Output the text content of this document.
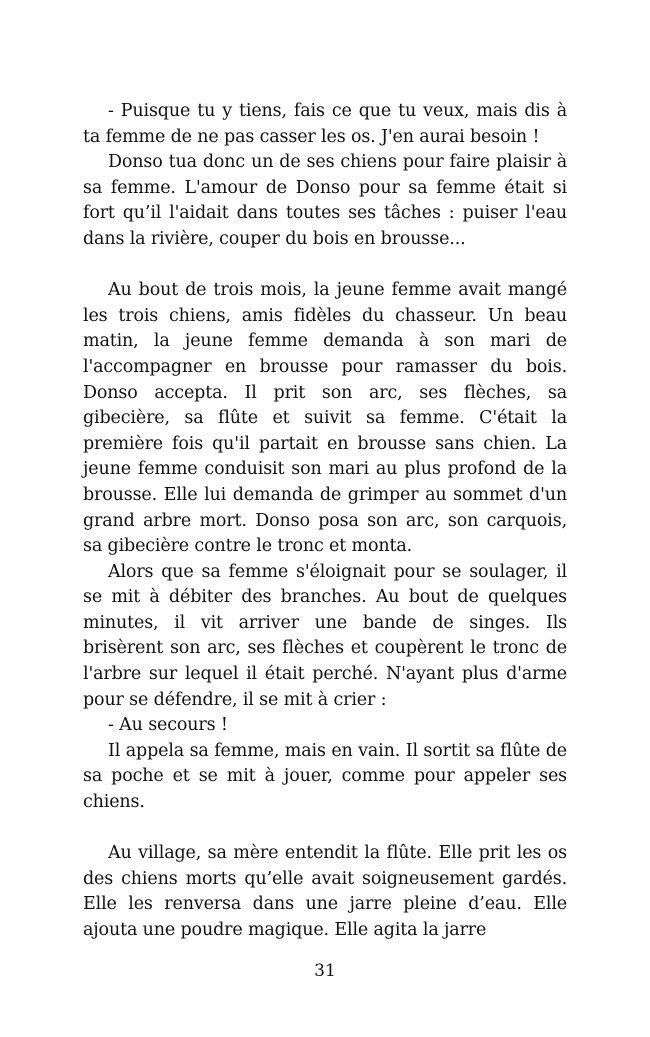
- Puisque tu y tiens, fais ce que tu veux, mais dis à ta femme de ne pas casser les os. J'en aurai besoin !

Donso tua donc un de ses chiens pour faire plaisir à sa femme. L'amour de Donso pour sa femme était si fort qu’il l'aidait dans toutes ses tâches : puiser l'eau dans la rivière, couper du bois en brousse...

Au bout de trois mois, la jeune femme avait mangé les trois chiens, amis fidèles du chasseur. Un beau matin, la jeune femme demanda à son mari de l'accompagner en brousse pour ramasser du bois. Donso accepta. Il prit son arc, ses flèches, sa gibecière, sa flûte et suivit sa femme. C'était la première fois qu'il partait en brousse sans chien. La jeune femme conduisit son mari au plus profond de la brousse. Elle lui demanda de grimper au sommet d'un grand arbre mort. Donso posa son arc, son carquois, sa gibecière contre le tronc et monta.

Alors que sa femme s'éloignait pour se soulager, il se mit à débiter des branches. Au bout de quelques minutes, il vit arriver une bande de singes. Ils brisèrent son arc, ses flèches et coupèrent le tronc de l'arbre sur lequel il était perché. N'ayant plus d'arme pour se défendre, il se mit à crier :

- Au secours !

Il appela sa femme, mais en vain. Il sortit sa flûte de sa poche et se mit à jouer, comme pour appeler ses chiens.

Au village, sa mère entendit la flûte. Elle prit les os des chiens morts qu’elle avait soigneusement gardés. Elle les renversa dans une jarre pleine d’eau. Elle ajouta une poudre magique. Elle agita la jarre

31
